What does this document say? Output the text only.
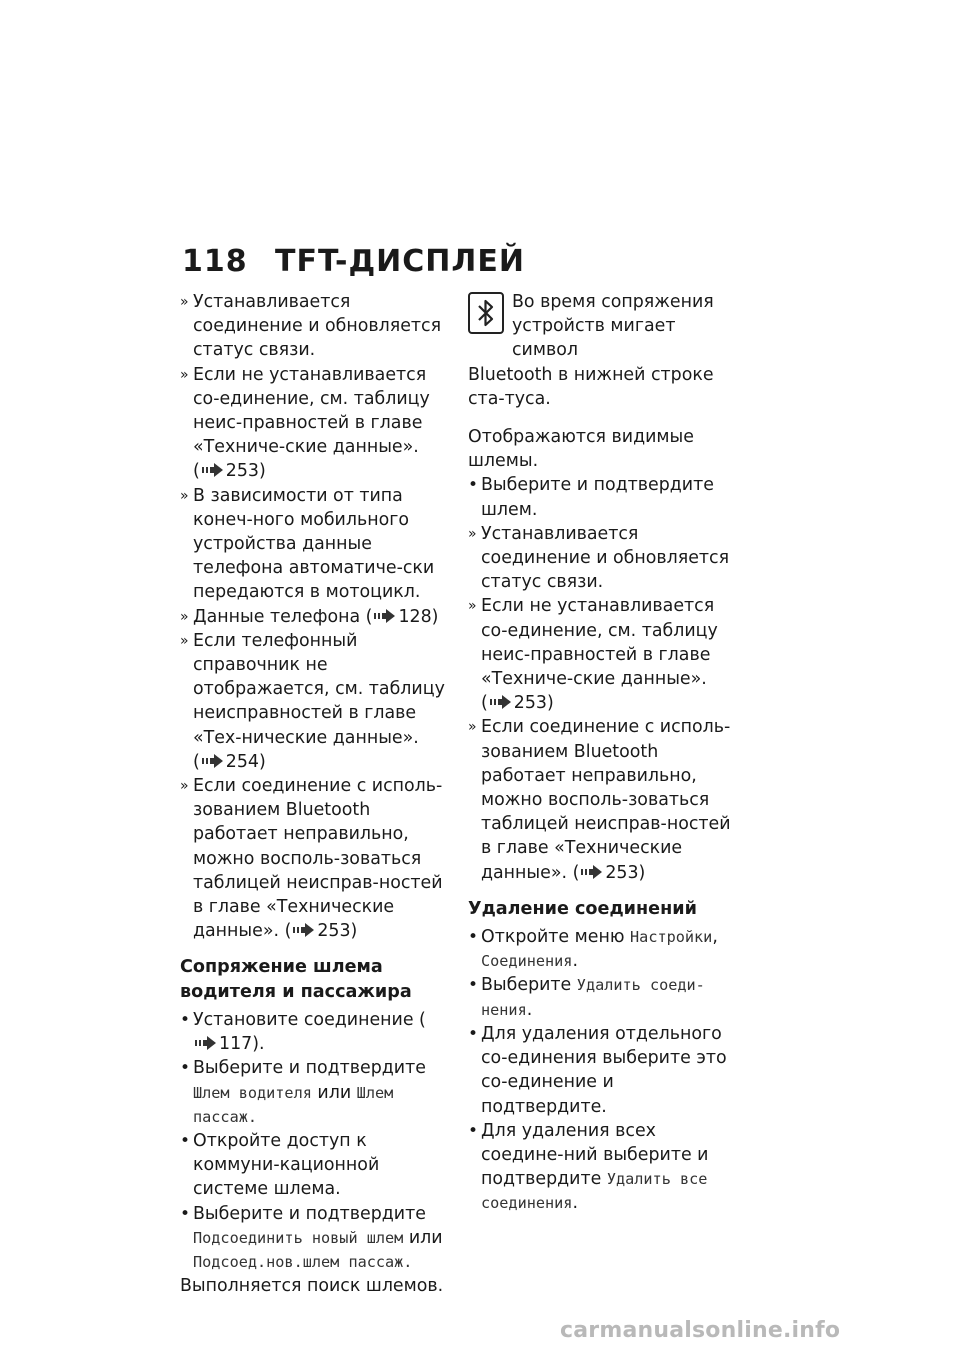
118 TFT-ДИСПЛЕЙ
» Устанавливается соединение и обновляется статус связи.
» Если не устанавливается со-единение, см. таблицу неис-правностей в главе «Техниче-ские данные». ( 253)
» В зависимости от типа конеч-ного мобильного устройства данные телефона автоматиче-ски передаются в мотоцикл.
» Данные телефона ( 128)
» Если телефонный справочник не отображается, см. таблицу неисправностей в главе «Тех-нические данные». ( 254)
» Если соединение с исполь-зованием Bluetooth работает неправильно, можно восполь-зоваться таблицей неисправ-ностей в главе «Технические данные». ( 253)
Сопряжение шлема водителя и пассажира
• Установите соединение (117).
• Выберите и подтвердите Шлем водителя или Шлем пассаж.
• Откройте доступ к коммуни-кационной системе шлема.
• Выберите и подтвердите Подсоединить новый шлем или Подсоед.нов.шлем пассаж.

Выполняется поиск шлемов.

Во время сопряжения
устройств мигает символ
Bluetooth в нижней строке ста-туса.

Отображаются видимые шлемы.

• Выберите и подтвердите шлем.
» Устанавливается соединение и обновляется статус связи.
» Если не устанавливается со-единение, см. таблицу неис-правностей в главе «Техниче-ские данные». ( 253)
» Если соединение с исполь-зованием Bluetooth работает неправильно, можно восполь-зоваться таблицей неисправ-ностей в главе «Технические данные». ( 253)
Удаление соединений
• Откройте меню Настройки, Соединения.
• Выберите Удалить соеди-нения.
• Для удаления отдельного со-единения выберите это со-единение и подтвердите.
• Для удаления всех соедине-ний выберите и подтвердите Удалить все соединения.
carmanualsonline.info
